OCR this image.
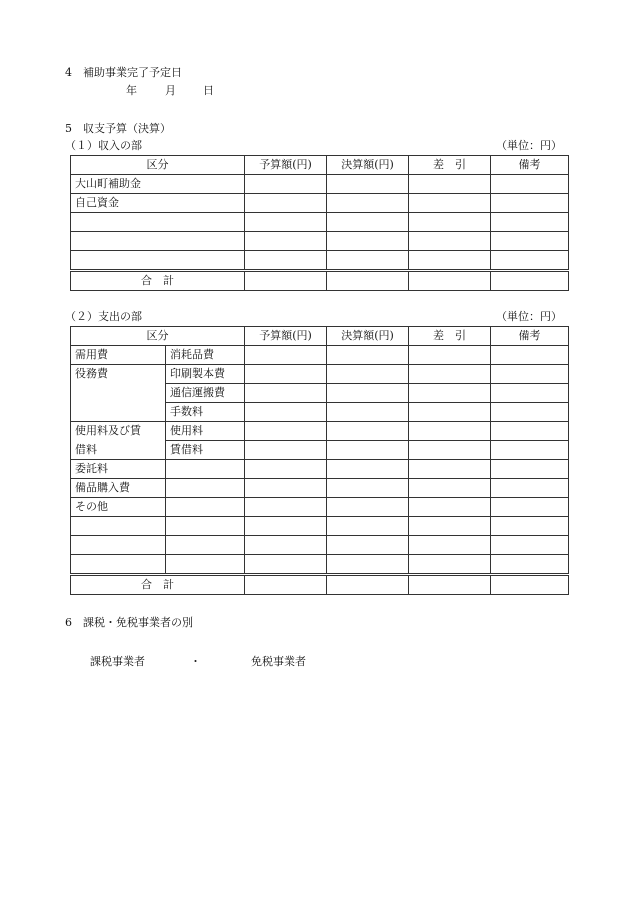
4　補助事業完了予定日
年	月 日
5　収支予算（決算）
（１）収入の部	（単位：円）
区分	予算額(円)	決算額(円)	差　引	備考
大山町補助金				
自己資金				

合　計				
（２）支出の部	（単位：円）
区分		予算額(円)	決算額(円)	差　引	備考
需用費	消耗品費				
役務費	印刷製本費				
	通信運搬費				
	手数料				
使用料及び賃	使用料				
借料	賃借料				
委託料					
備品購入費					
その他					

合　計					
6　課税・免税事業者の別
課税事業者	・	免税事業者
